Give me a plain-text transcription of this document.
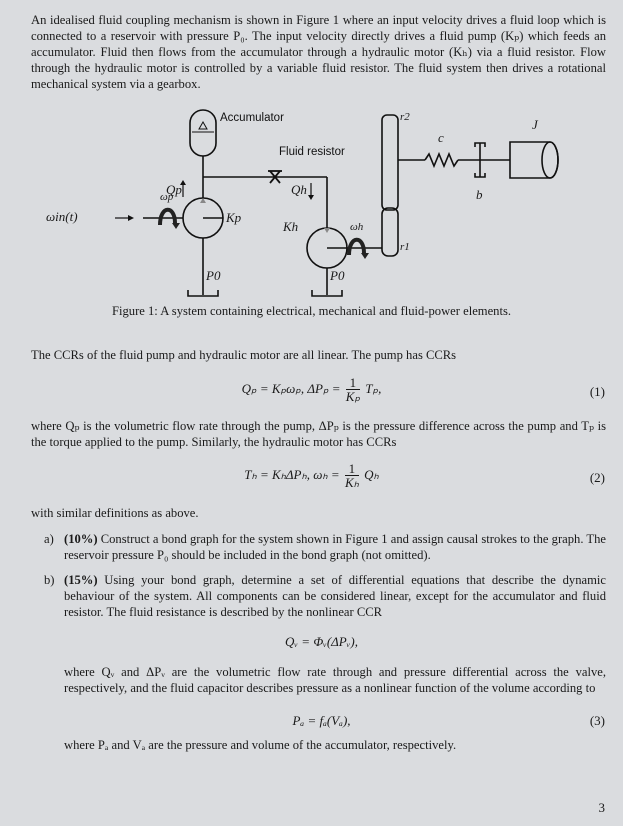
An idealised fluid coupling mechanism is shown in Figure 1 where an input velocity drives a fluid loop which is connected to a reservoir with pressure P₀. The input velocity directly drives a fluid pump (Kₚ) which feeds an accumulator. Fluid then flows from the accumulator through a hydraulic motor (Kₕ) via a fluid resistor. Flow through the hydraulic motor is controlled by a variable fluid resistor. The fluid system then drives a rotational mechanical system via a gearbox.

Accumulator
Fluid resistor
ωin(t)
ωp
Qp
Kp
P0
Qh
Kh	ωh
P0
r1
r2
c
b
J
Figure 1: A system containing electrical, mechanical and fluid-power elements.

The CCRs of the fluid pump and hydraulic motor are all linear. The pump has CCRs

Qₚ = Kₚωₚ, $\Delta P_p = \frac{1}{\text{Kₚ}} T_p$,	(1)

where Qₚ is the volumetric flow rate through the pump, ΔPₚ is the pressure difference across the pump and Tₚ is the torque applied to the pump. Similarly, the hydraulic motor has CCRs

Tₕ = KₕΔPₕ, $\omega_h = \frac{1}{\text{Kₕ}}$ Qₕ	(2)

with similar definitions as above.

a) (10%) Construct a bond graph for the system shown in Figure 1 and assign causal strokes to the graph. The reservoir pressure P₀ should be included in the bond graph (not omitted).
b) (15%) Using your bond graph, determine a set of differential equations that describe the dynamic behaviour of the system. All components can be considered linear, except for the accumulator and fluid resistor. The fluid resistance is described by the nonlinear CCR
Qᵥ = Φᵥ(ΔPᵥ),

where Qᵥ and ΔPᵥ are the volumetric flow rate through and pressure differential across the valve, respectively, and the fluid capacitor describes pressure as a nonlinear function of the volume according to

Pₐ = fₐ(Vₐ),	(3)

where Pₐ and Vₐ are the pressure and volume of the accumulator, respectively.

3
